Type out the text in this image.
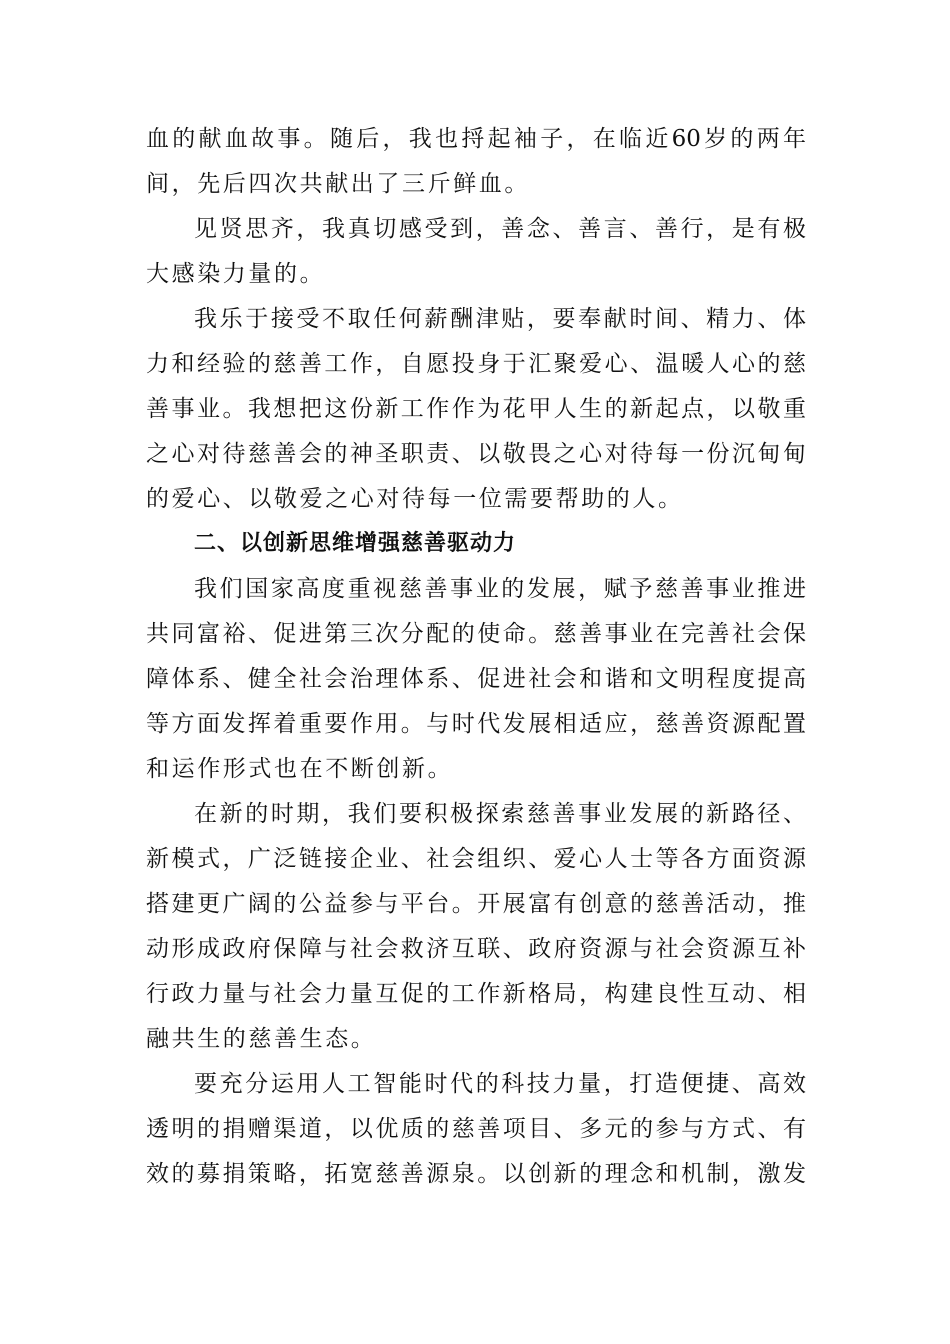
血的献血故事。随后，我也捋起袖子，在临近60岁的两年
间，先后四次共献出了三斤鲜血。
见贤思齐，我真切感受到，善念、善言、善行，是有极
大感染力量的。
我乐于接受不取任何薪酬津贴，要奉献时间、精力、体
力和经验的慈善工作，自愿投身于汇聚爱心、温暖人心的慈
善事业。我想把这份新工作作为花甲人生的新起点，以敬重
之心对待慈善会的神圣职责、以敬畏之心对待每一份沉甸甸
的爱心、以敬爱之心对待每一位需要帮助的人。
二、以创新思维增强慈善驱动力
我们国家高度重视慈善事业的发展，赋予慈善事业推进
共同富裕、促进第三次分配的使命。慈善事业在完善社会保
障体系、健全社会治理体系、促进社会和谐和文明程度提高
等方面发挥着重要作用。与时代发展相适应，慈善资源配置
和运作形式也在不断创新。
在新的时期，我们要积极探索慈善事业发展的新路径、
新模式，广泛链接企业、社会组织、爱心人士等各方面资源
搭建更广阔的公益参与平台。开展富有创意的慈善活动，推
动形成政府保障与社会救济互联、政府资源与社会资源互补
行政力量与社会力量互促的工作新格局，构建良性互动、相
融共生的慈善生态。
要充分运用人工智能时代的科技力量，打造便捷、高效
透明的捐赠渠道，以优质的慈善项目、多元的参与方式、有
效的募捐策略，拓宽慈善源泉。以创新的理念和机制，激发
